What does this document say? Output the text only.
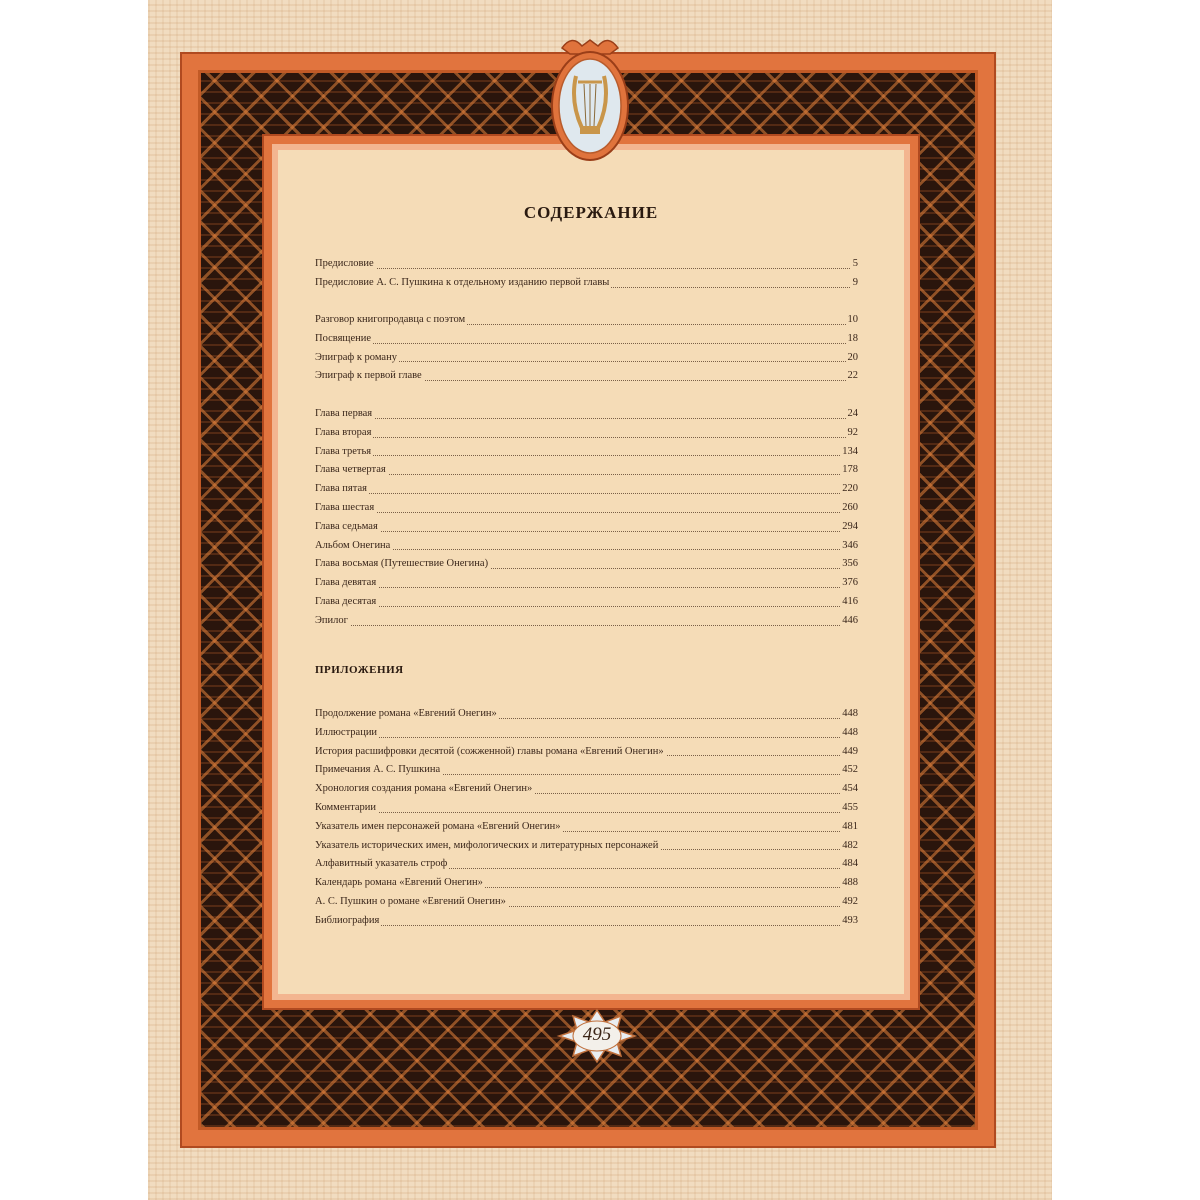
СОДЕРЖАНИЕ
Предисловие	5
Предисловие А. С. Пушкина к отдельному изданию первой главы	9
Разговор книгопродавца с поэтом	10
Посвящение	18
Эпиграф к роману	20
Эпиграф к первой главе	22
Глава первая	24
Глава вторая	92
Глава третья	134
Глава четвертая	178
Глава пятая	220
Глава шестая	260
Глава седьмая	294
Альбом Онегина	346
Глава восьмая (Путешествие Онегина)	356
Глава девятая	376
Глава десятая	416
Эпилог	446
ПРИЛОЖЕНИЯ
Продолжение романа «Евгений Онегин»	448
Иллюстрации	448
История расшифровки десятой (сожженной) главы романа «Евгений Онегин»	449
Примечания А. С. Пушкина	452
Хронология создания романа «Евгений Онегин»	454
Комментарии	455
Указатель имен персонажей романа «Евгений Онегин»	481
Указатель исторических имен, мифологических и литературных персонажей	482
Алфавитный указатель строф	484
Календарь романа «Евгений Онегин»	488
А. С. Пушкин о романе «Евгений Онегин»	492
Библиография	493
495
